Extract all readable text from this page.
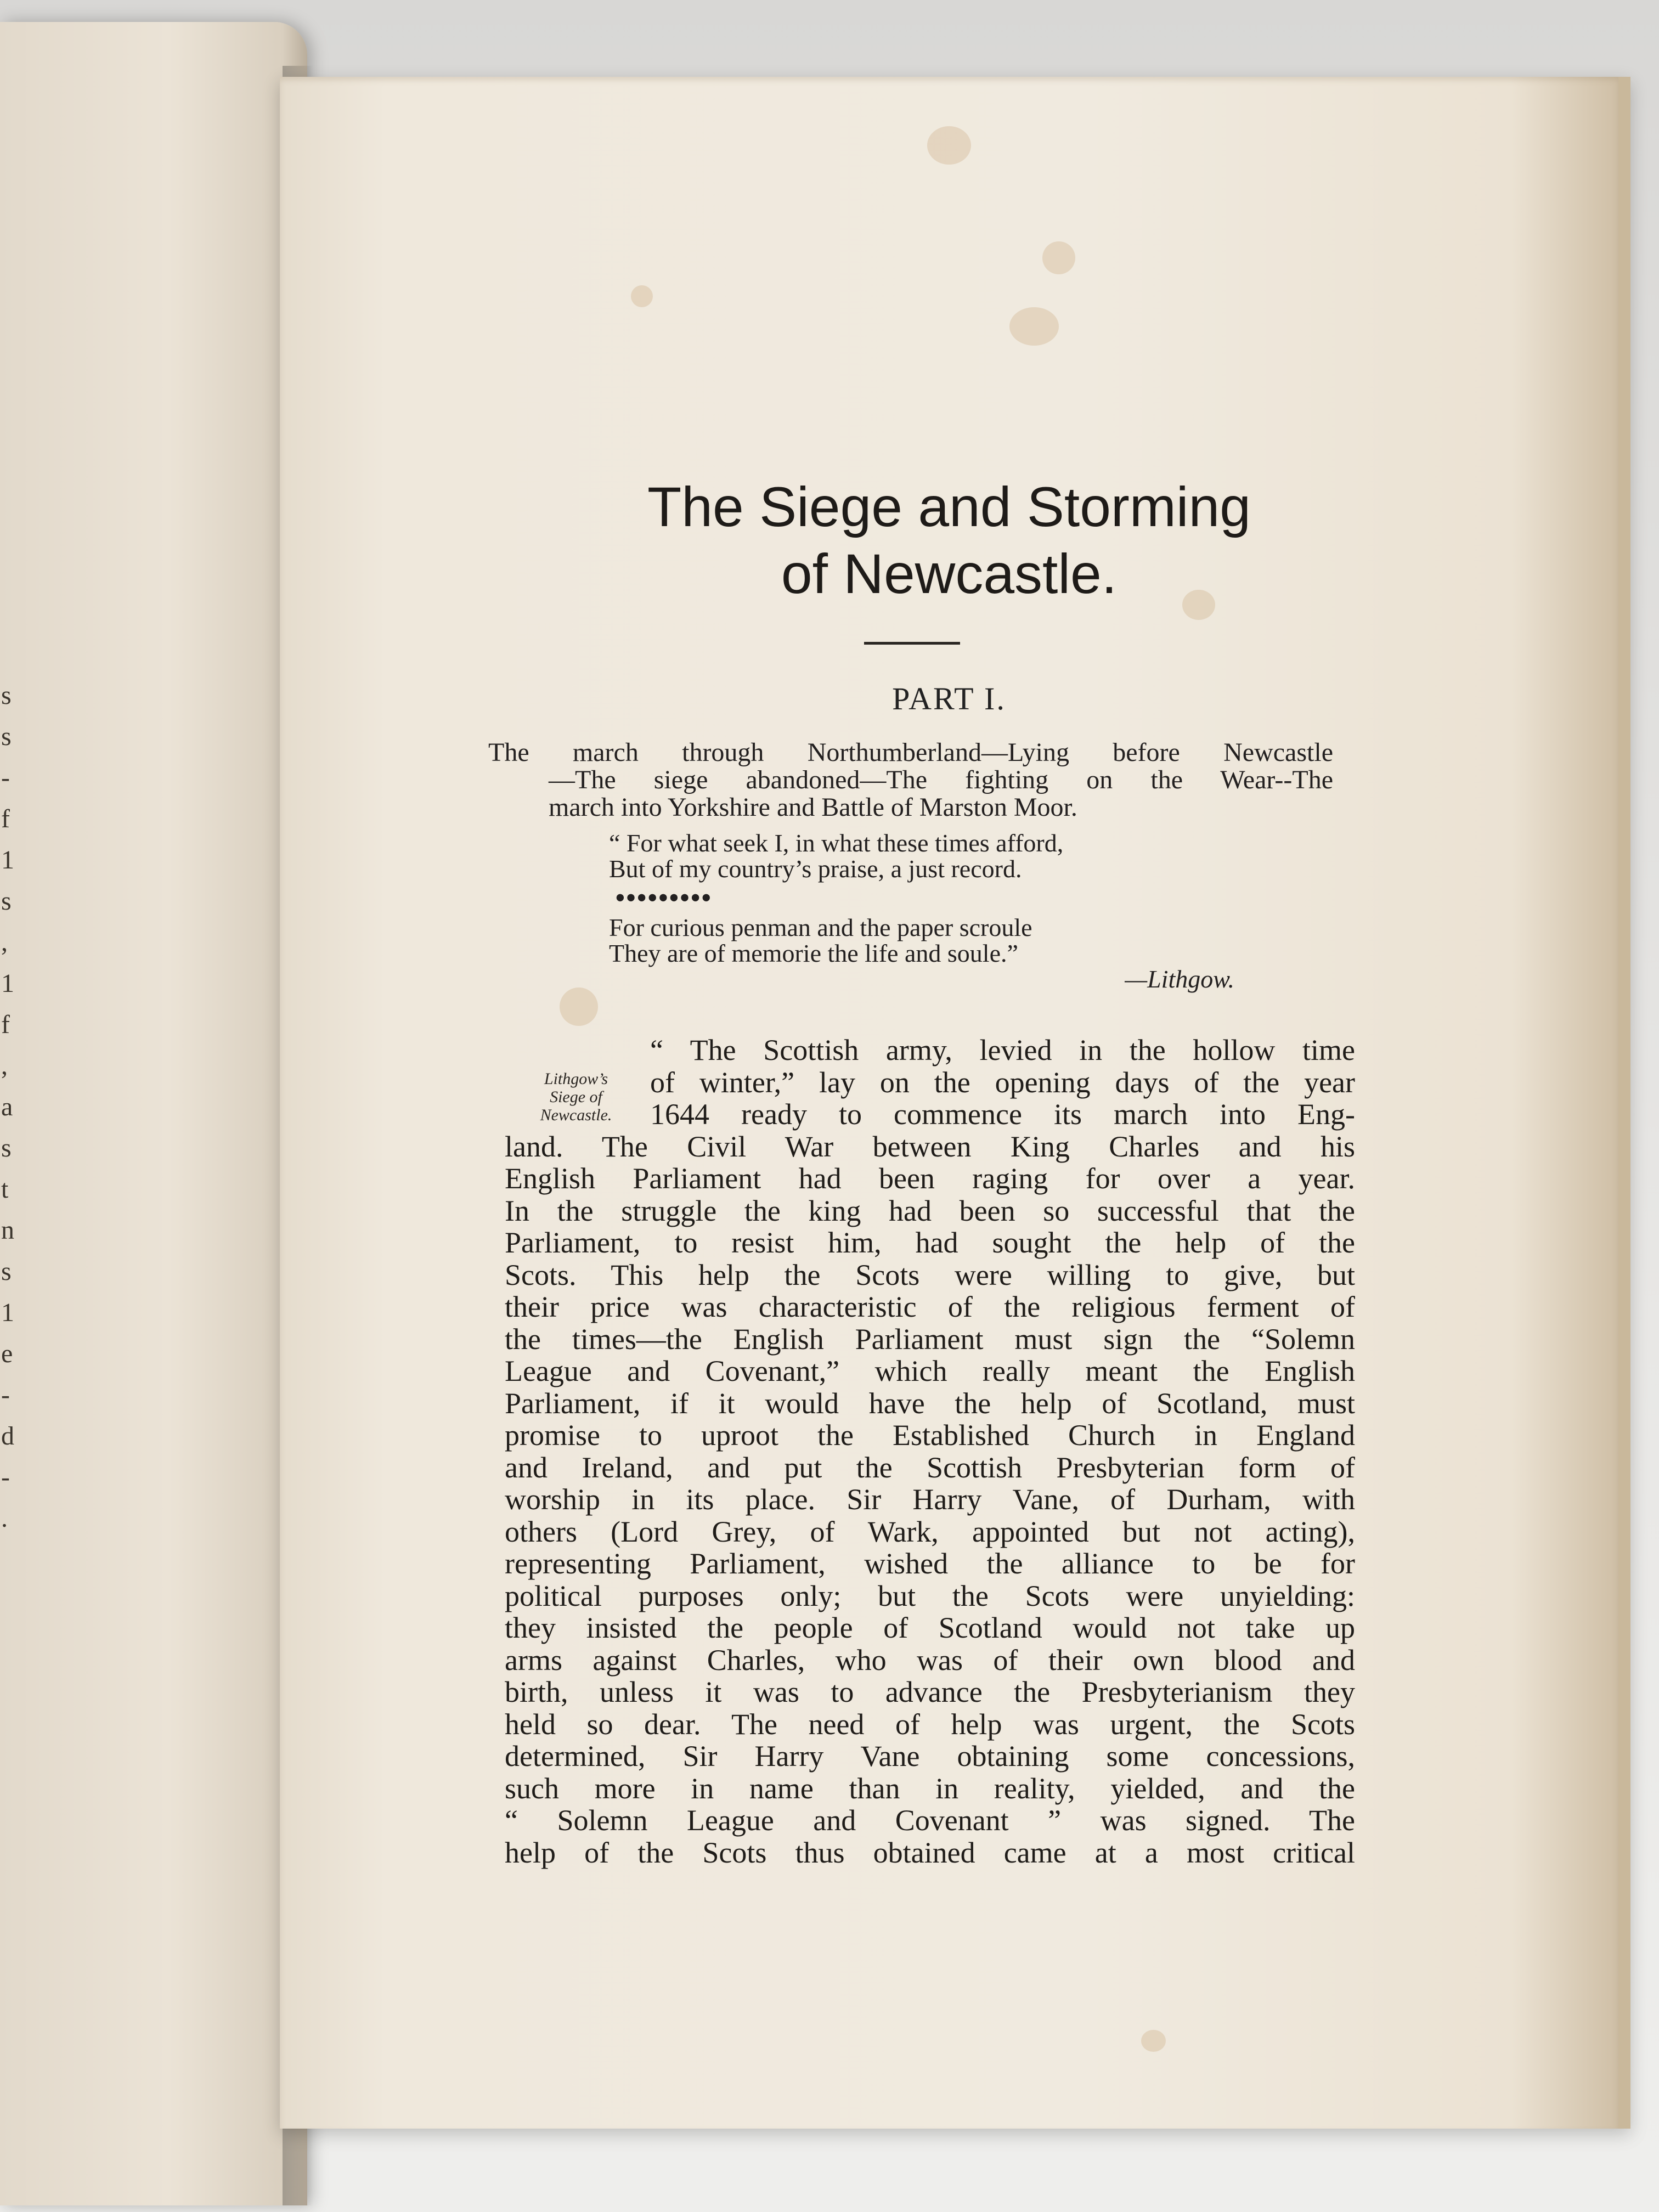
s
s
-
f
1
s
,
1
f
,
a
s
t
n
s
1
e
-
d
-
.
The Siege and Storming
of Newcastle.
PART I.
The march through Northumberland—Lying before Newcastle
—The siege abandoned—The fighting on the Wear--The
march into Yorkshire and Battle of Marston Moor.
“ For what seek I, in what these times afford,
But of my country’s praise, a just record.
•••••••••
For curious penman and the paper scroule
They are of memorie the life and soule.”
—Lithgow.
Lithgow’s
Siege of
Newcastle.
“ The Scottish army, levied in the hollow time
of winter,” lay on the opening days of the year
1644 ready to commence its march into Eng-
land. The Civil War between King Charles and his
English Parliament had been raging for over a year.
In the struggle the king had been so successful that the
Parliament, to resist him, had sought the help of the
Scots. This help the Scots were willing to give, but
their price was characteristic of the religious ferment of
the times—the English Parliament must sign the “Solemn
League and Covenant,” which really meant the English
Parliament, if it would have the help of Scotland, must
promise to uproot the Established Church in England
and Ireland, and put the Scottish Presbyterian form of
worship in its place. Sir Harry Vane, of Durham, with
others (Lord Grey, of Wark, appointed but not acting),
representing Parliament, wished the alliance to be for
political purposes only; but the Scots were unyielding:
they insisted the people of Scotland would not take up
arms against Charles, who was of their own blood and
birth, unless it was to advance the Presbyterianism they
held so dear. The need of help was urgent, the Scots
determined, Sir Harry Vane obtaining some concessions,
such more in name than in reality, yielded, and the
“ Solemn League and Covenant ” was signed. The
help of the Scots thus obtained came at a most critical
